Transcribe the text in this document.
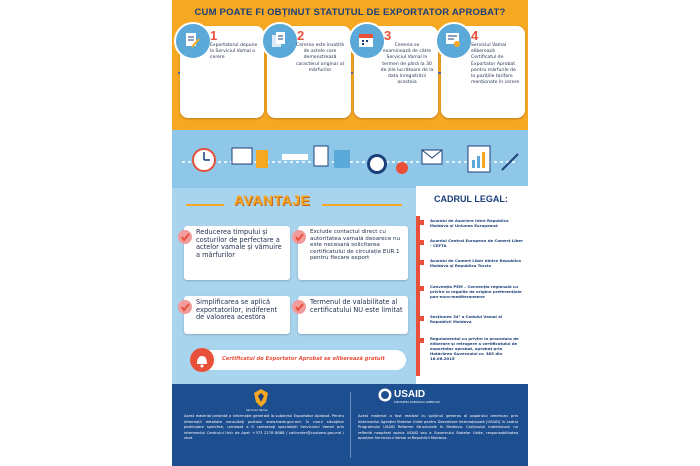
CUM POATE FI OBȚINUT STATUTUL DE EXPORTATOR APROBAT?
1
Exportatorul depune la Serviciul Vamal o cerere
2
Cererea este însoțită de actele care demonstrează caracterul originar al mărfurilor
3
Cererea se examinează de către Serviciul Vamal în termen de până la 30 de zile lucrătoare de la data înregistrării acesteia
4
Serviciul Vamal eliberează Certificatul de Exportator Aprobat pentru mărfurile de la pozițiile tarifare menționate în cerere
AVANTAJE
Reducerea timpului și costurilor de perfectare a actelor vamale și vămuire a mărfurilor
Exclude contactul direct cu autoritatea vamală deoarece nu este necesară solicitarea certificatului de circulație EUR.1 pentru fiecare export
Simplificarea se aplică exportatorilor, indiferent de valoarea acestora
Termenul de valabilitate al certificatului NU este limitat
Certificatul de Exportator Aprobat se eliberează gratuit
CADRUL LEGAL:
Acordul de Asociere între Republica Moldova și Uniunea Europeană
Acordul Central European de Comerț Liber - CEFTA
Acordul de Comerț Liber dintre Republica Moldova și Republica Turcia
Convenția PEM – Convenția regională cu privire la regulile de origine preferențiale pan-euro-mediteraneene
Secțiunea 34¹ a Codului Vamal al Republicii Moldova
Regulamentul cu privire la procedura de eliberare și retragere a certificatului de exportator aprobat, aprobat prin Hotărârea Guvernului nr. 385 din 16.06.2015
Serviciul Vamal
Acest material prezintă o informație generală la subiectul Exportator Aprobat. Pentru informații detaliate consultați portalul www.trade.gov.md. În cazul situațiilor particulare specifice, urmează a fi contactați specialiștii Serviciului Vamal prin intermediul Centrului Unic de Apel: +373 2278 8888 / callcenter@customs.gov.md / chat.
USAID
DIN PARTEA POPORULUI AMERICAN
Acest material a fost realizat cu sprijinul generos al poporului american prin intermediul Agenției Statelor Unite pentru Dezvoltare Internațională (USAID) în cadrul Programului USAID Reforme Structurale în Moldova. Conținutul materialului nu reflectă neapărat opinia USAID sau a Guvernului Statelor Unite, responsabilitatea aparține Serviciului Vamal al Republicii Moldova.
